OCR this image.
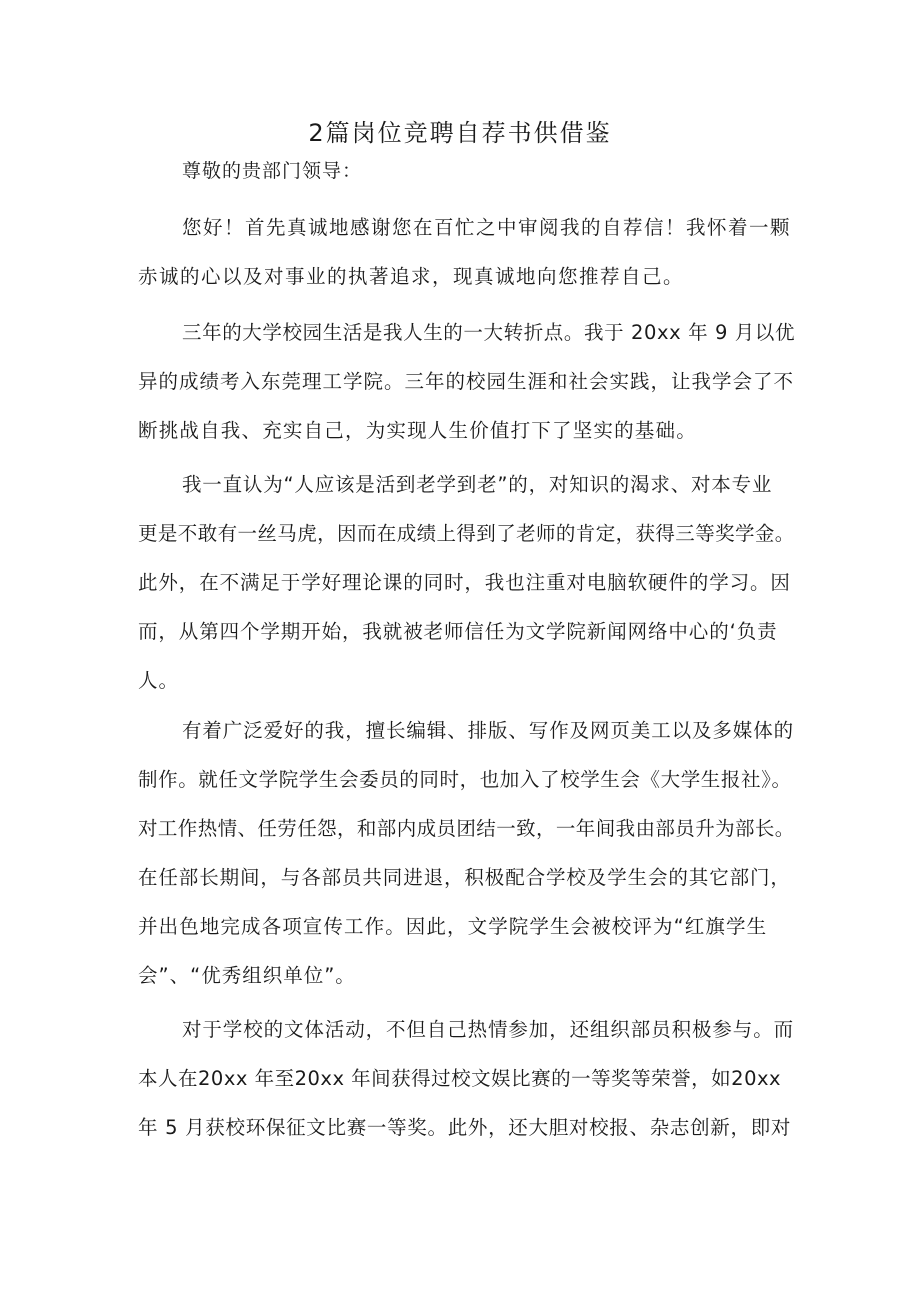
2篇岗位竞聘自荐书供借鉴
尊敬的贵部门领导：
您好！首先真诚地感谢您在百忙之中审阅我的自荐信！我怀着一颗
赤诚的心以及对事业的执著追求，现真诚地向您推荐自己。
三年的大学校园生活是我人生的一大转折点。我于 20xx 年 9 月以优
异的成绩考入东莞理工学院。三年的校园生涯和社会实践，让我学会了不
断挑战自我、充实自己，为实现人生价值打下了坚实的基础。
我一直认为“人应该是活到老学到老”的，对知识的渴求、对本专业
更是不敢有一丝马虎，因而在成绩上得到了老师的肯定，获得三等奖学金。
此外，在不满足于学好理论课的同时，我也注重对电脑软硬件的学习。因
而，从第四个学期开始，我就被老师信任为文学院新闻网络中心的‘负责
人。
有着广泛爱好的我，擅长编辑、排版、写作及网页美工以及多媒体的
制作。就任文学院学生会委员的同时，也加入了校学生会《大学生报社》。
对工作热情、任劳任怨，和部内成员团结一致，一年间我由部员升为部长。
在任部长期间，与各部员共同进退，积极配合学校及学生会的其它部门，
并出色地完成各项宣传工作。因此，文学院学生会被校评为“红旗学生
会”、“优秀组织单位”。
对于学校的文体活动，不但自己热情参加，还组织部员积极参与。而
本人在20xx 年至20xx 年间获得过校文娱比赛的一等奖等荣誉，如20xx
年 5 月获校环保征文比赛一等奖。此外，还大胆对校报、杂志创新，即对
